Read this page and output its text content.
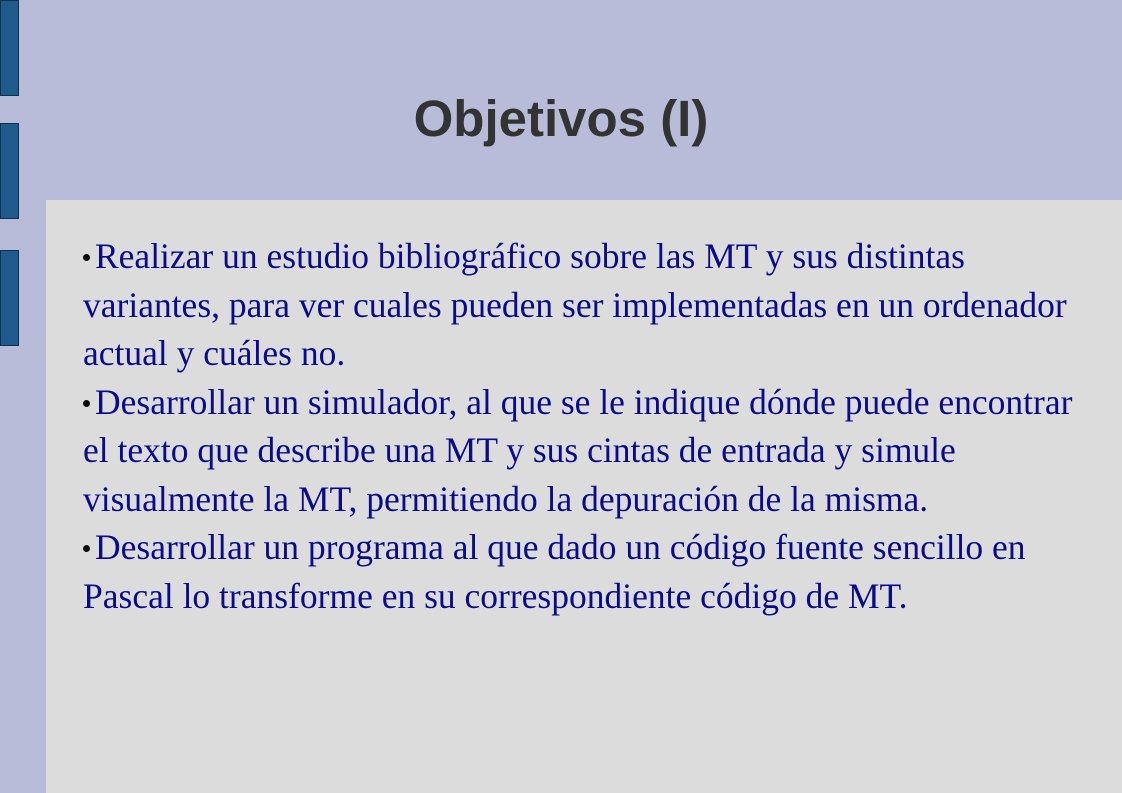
Objetivos (I)
Realizar un estudio bibliográfico sobre las MT y sus distintas variantes, para ver cuales pueden ser implementadas en un ordenador actual y cuáles no.
Desarrollar un simulador, al que se le indique dónde puede encontrar el texto que describe una MT y sus cintas de entrada y simule visualmente la MT, permitiendo la depuración de la misma.
Desarrollar un programa al que dado un código fuente sencillo en Pascal lo transforme en su correspondiente código de MT.
